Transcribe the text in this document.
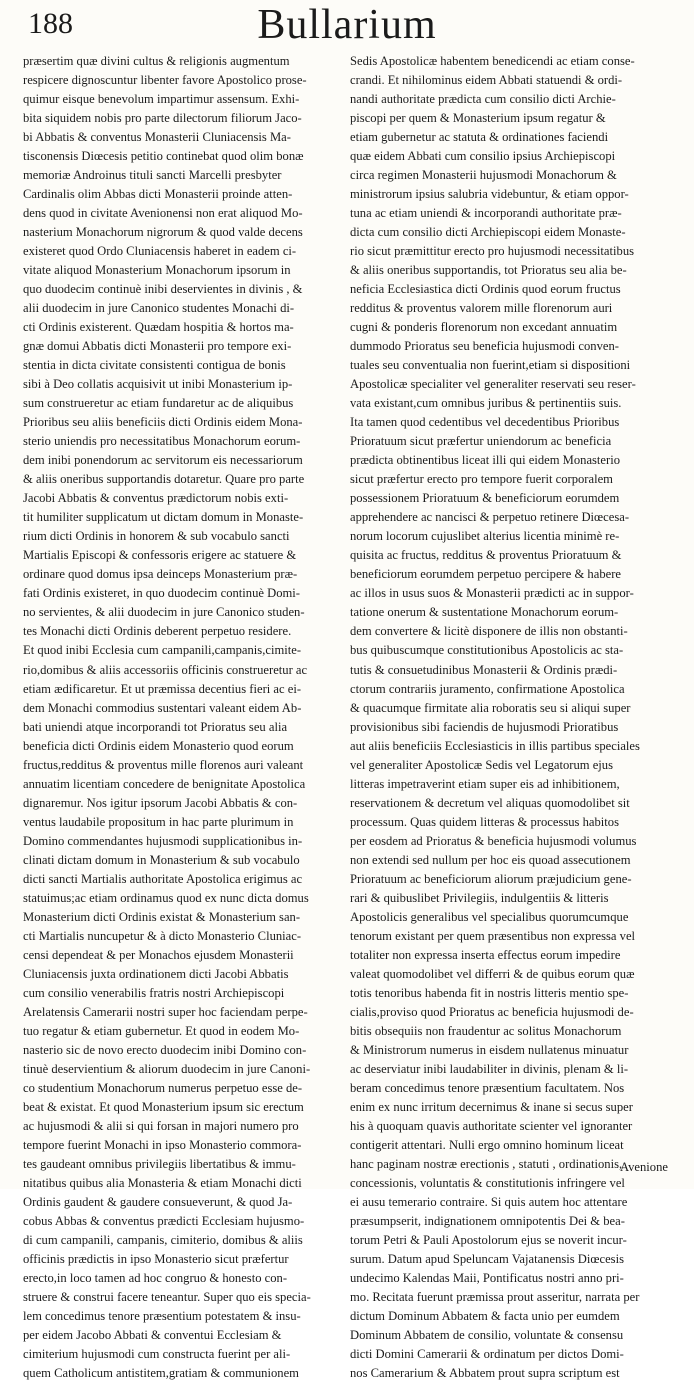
188	Bullarium
præsertim quæ divini cultus & religionis augmentum
respicere dignoscuntur libenter favore Apostolico prose-
quimur eisque benevolum impartimur assensum. Exhi-
bita siquidem nobis pro parte dilectorum filiorum Jaco-
bi Abbatis & conventus Monasterii Cluniacensis Ma-
tisconensis Diœcesis petitio continebat quod olim bonæ
memoriæ Androinus tituli sancti Marcelli presbyter
Cardinalis olim Abbas dicti Monasterii proinde atten-
dens quod in civitate Avenionensi non erat aliquod Mo-
nasterium Monachorum nigrorum & quod valde decens
existeret quod Ordo Cluniacensis haberet in eadem ci-
vitate aliquod Monasterium Monachorum ipsorum in
quo duodecim continuè inibi deservientes in divinis , &
alii duodecim in jure Canonico studentes Monachi di-
cti Ordinis existerent. Quædam hospitia & hortos ma-
gnæ domui Abbatis dicti Monasterii pro tempore exi-
stentia in dicta civitate consistenti contigua de bonis
sibi à Deo collatis acquisivit ut inibi Monasterium ip-
sum construeretur ac etiam fundaretur ac de aliquibus
Prioribus seu aliis beneficiis dicti Ordinis eidem Mona-
sterio uniendis pro necessitatibus Monachorum eorum-
dem inibi ponendorum ac servitorum eis necessariorum
& aliis oneribus supportandis dotaretur. Quare pro parte
Jacobi Abbatis & conventus prædictorum nobis exti-
tit humiliter supplicatum ut dictam domum in Monaste-
rium dicti Ordinis in honorem & sub vocabulo sancti
Martialis Episcopi & confessoris erigere ac statuere &
ordinare quod domus ipsa deinceps Monasterium præ-
fati Ordinis existeret, in quo duodecim continuè Domi-
no servientes, & alii duodecim in jure Canonico studen-
tes Monachi dicti Ordinis deberent perpetuo residere.
Et quod inibi Ecclesia cum campanili,campanis,cimite-
rio,domibus & aliis accessoriis officinis construeretur ac
etiam ædificaretur. Et ut præmissa decentius fieri ac ei-
dem Monachi commodius sustentari valeant eidem Ab-
bati uniendi atque incorporandi tot Prioratus seu alia
beneficia dicti Ordinis eidem Monasterio quod eorum
fructus,redditus & proventus mille florenos auri valeant
annuatim licentiam concedere de benignitate Apostolica
dignaremur. Nos igitur ipsorum Jacobi Abbatis & con-
ventus laudabile propositum in hac parte plurimum in
Domino commendantes hujusmodi supplicationibus in-
clinati dictam domum in Monasterium & sub vocabulo
dicti sancti Martialis authoritate Apostolica erigimus ac
statuimus;ac etiam ordinamus quod ex nunc dicta domus
Monasterium dicti Ordinis existat & Monasterium san-
cti Martialis nuncupetur & à dicto Monasterio Cluniac-
censi dependeat & per Monachos ejusdem Monasterii
Cluniacensis juxta ordinationem dicti Jacobi Abbatis
cum consilio venerabilis fratris nostri Archiepiscopi
Arelatensis Camerarii nostri super hoc faciendam perpe-
tuo regatur & etiam gubernetur. Et quod in eodem Mo-
nasterio sic de novo erecto duodecim inibi Domino con-
tinuè deservientium & aliorum duodecim in jure Canoni-
co studentium Monachorum numerus perpetuo esse de-
beat & existat. Et quod Monasterium ipsum sic erectum
ac hujusmodi & alii si qui forsan in majori numero pro
tempore fuerint Monachi in ipso Monasterio commora-
tes gaudeant omnibus privilegiis libertatibus & immu-
nitatibus quibus alia Monasteria & etiam Monachi dicti
Ordinis gaudent & gaudere consueverunt, & quod Ja-
cobus Abbas & conventus prædicti Ecclesiam hujusmo-
di cum campanili, campanis, cimiterio, domibus & aliis
officinis prædictis in ipso Monasterio sicut præfertur
erecto,in loco tamen ad hoc congruo & honesto con-
struere & construi facere teneantur. Super quo eis specia-
lem concedimus tenore præsentium potestatem & insu-
per eidem Jacobo Abbati & conventui Ecclesiam &
cimiterium hujusmodi cum constructa fuerint per ali-
quem Catholicum antistitem,gratiam & communionem
Sedis Apostolicæ habentem benedicendi ac etiam conse-
crandi. Et nihilominus eidem Abbati statuendi & ordi-
nandi authoritate prædicta cum consilio dicti Archie-
piscopi per quem & Monasterium ipsum regatur &
etiam gubernetur ac statuta & ordinationes faciendi
quæ eidem Abbati cum consilio ipsius Archiepiscopi
circa regimen Monasterii hujusmodi Monachorum &
ministrorum ipsius salubria videbuntur, & etiam oppor-
tuna ac etiam uniendi & incorporandi authoritate præ-
dicta cum consilio dicti Archiepiscopi eidem Monaste-
rio sicut præmittitur erecto pro hujusmodi necessitatibus
& aliis oneribus supportandis, tot Prioratus seu alia be-
neficia Ecclesiastica dicti Ordinis quod eorum fructus
redditus & proventus valorem mille florenorum auri
cugni & ponderis florenorum non excedant annuatim
dummodo Prioratus seu beneficia hujusmodi conven-
tuales seu conventualia non fuerint,etiam si dispositioni
Apostolicæ specialiter vel generaliter reservati seu reser-
vata existant,cum omnibus juribus & pertinentiis suis.
Ita tamen quod cedentibus vel decedentibus Prioribus
Prioratuum sicut præfertur uniendorum ac beneficia
prædicta obtinentibus liceat illi qui eidem Monasterio
sicut præfertur erecto pro tempore fuerit corporalem
possessionem Prioratuum & beneficiorum eorumdem
apprehendere ac nancisci & perpetuo retinere Diœcesa-
norum locorum cujuslibet alterius licentia minimè re-
quisita ac fructus, redditus & proventus Prioratuum &
beneficiorum eorumdem perpetuo percipere & habere
ac illos in usus suos & Monasterii prædicti ac in suppor-
tatione onerum & sustentatione Monachorum eorum-
dem convertere & licitè disponere de illis non obstanti-
bus quibuscumque constitutionibus Apostolicis ac sta-
tutis & consuetudinibus Monasterii & Ordinis prædi-
ctorum contrariis juramento, confirmatione Apostolica
& quacumque firmitate alia roboratis seu si aliqui super
provisionibus sibi faciendis de hujusmodi Prioratibus
aut aliis beneficiis Ecclesiasticis in illis partibus speciales
vel generaliter Apostolicæ Sedis vel Legatorum ejus
litteras impetraverint etiam super eis ad inhibitionem,
reservationem & decretum vel aliquas quomodolibet sit
processum. Quas quidem litteras & processus habitos
per eosdem ad Prioratus & beneficia hujusmodi volumus
non extendi sed nullum per hoc eis quoad assecutionem
Prioratuum ac beneficiorum aliorum præjudicium gene-
rari & quibuslibet Privilegiis, indulgentiis & litteris
Apostolicis generalibus vel specialibus quorumcumque
tenorum existant per quem præsentibus non expressa vel
totaliter non expressa inserta effectus eorum impedire
valeat quomodolibet vel differri & de quibus eorum quæ
totis tenoribus habenda fit in nostris litteris mentio spe-
cialis,proviso quod Prioratus ac beneficia hujusmodi de-
bitis obsequiis non fraudentur ac solitus Monachorum
& Ministrorum numerus in eisdem nullatenus minuatur
ac deserviatur inibi laudabiliter in divinis, plenam & li-
beram concedimus tenore præsentium facultatem. Nos
enim ex nunc irritum decernimus & inane si secus super
his à quoquam quavis authoritate scienter vel ignoranter
contigerit attentari. Nulli ergo omnino hominum liceat
hanc paginam nostræ erectionis , statuti , ordinationis,
concessionis, voluntatis & constitutionis infringere vel
ei ausu temerario contraire. Si quis autem hoc attentare
præsumpserit, indignationem omnipotentis Dei & bea-
torum Petri & Pauli Apostolorum ejus se noverit incur-
surum. Datum apud Speluncam Vajatanensis Diœcesis
undecimo Kalendas Maii, Pontificatus nostri anno pri-
mo. Recitata fuerunt præmissa prout asseritur, narrata per
dictum Dominum Abbatem & facta unio per eumdem
Dominum Abbatem de consilio, voluntate & consensu
dicti Domini Camerarii & ordinatum per dictos Domi-
nos Camerarium & Abbatem prout supra scriptum est
Avenione
